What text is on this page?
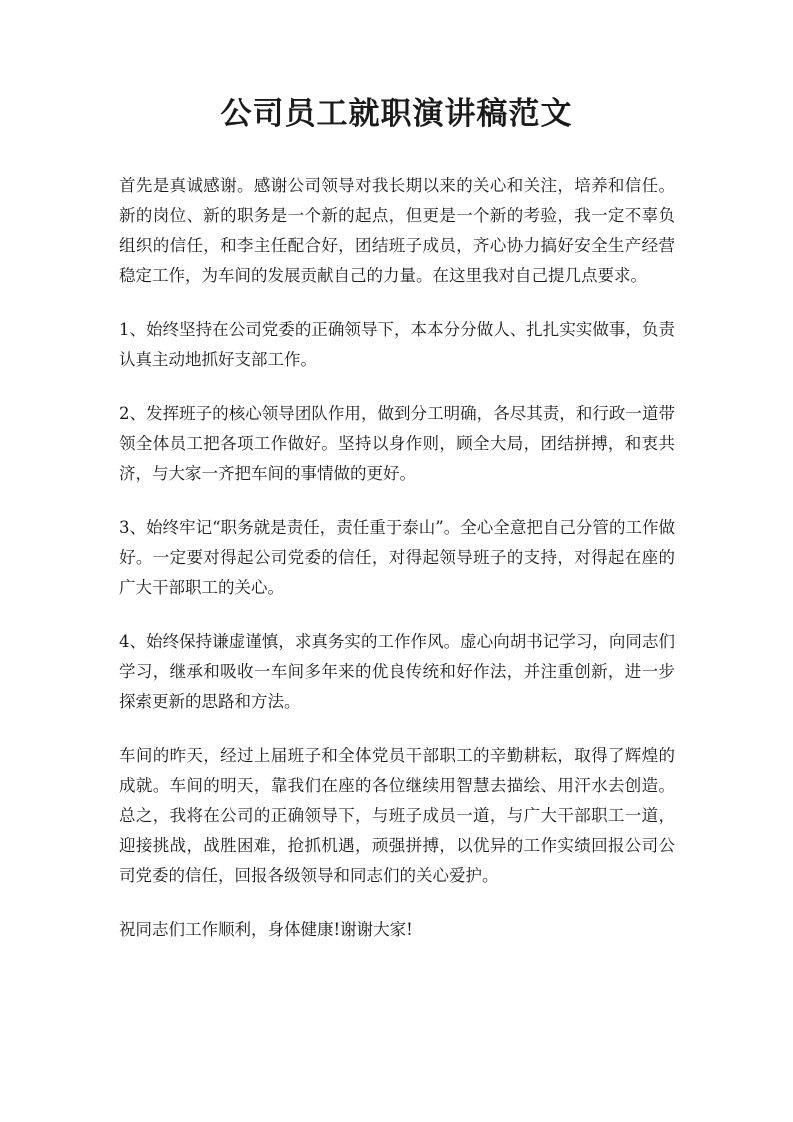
公司员工就职演讲稿范文

首先是真诚感谢。感谢公司领导对我长期以来的关心和关注，培养和信任。新的岗位、新的职务是一个新的起点，但更是一个新的考验，我一定不辜负组织的信任，和李主任配合好，团结班子成员，齐心协力搞好安全生产经营稳定工作，为车间的发展贡献自己的力量。在这里我对自己提几点要求。

1、始终坚持在公司党委的正确领导下，本本分分做人、扎扎实实做事，负责认真主动地抓好支部工作。

2、发挥班子的核心领导团队作用，做到分工明确，各尽其责，和行政一道带领全体员工把各项工作做好。坚持以身作则，顾全大局，团结拼搏，和衷共济，与大家一齐把车间的事情做的更好。

3、始终牢记“职务就是责任，责任重于泰山”。全心全意把自己分管的工作做好。一定要对得起公司党委的信任，对得起领导班子的支持，对得起在座的广大干部职工的关心。

4、始终保持谦虚谨慎，求真务实的工作作风。虚心向胡书记学习，向同志们学习，继承和吸收一车间多年来的优良传统和好作法，并注重创新，进一步探索更新的思路和方法。

车间的昨天，经过上届班子和全体党员干部职工的辛勤耕耘，取得了辉煌的成就。车间的明天，靠我们在座的各位继续用智慧去描绘、用汗水去创造。总之，我将在公司的正确领导下，与班子成员一道，与广大干部职工一道，迎接挑战，战胜困难，抢抓机遇，顽强拼搏，以优异的工作实绩回报公司公司党委的信任，回报各级领导和同志们的关心爱护。

祝同志们工作顺利，身体健康!谢谢大家!
